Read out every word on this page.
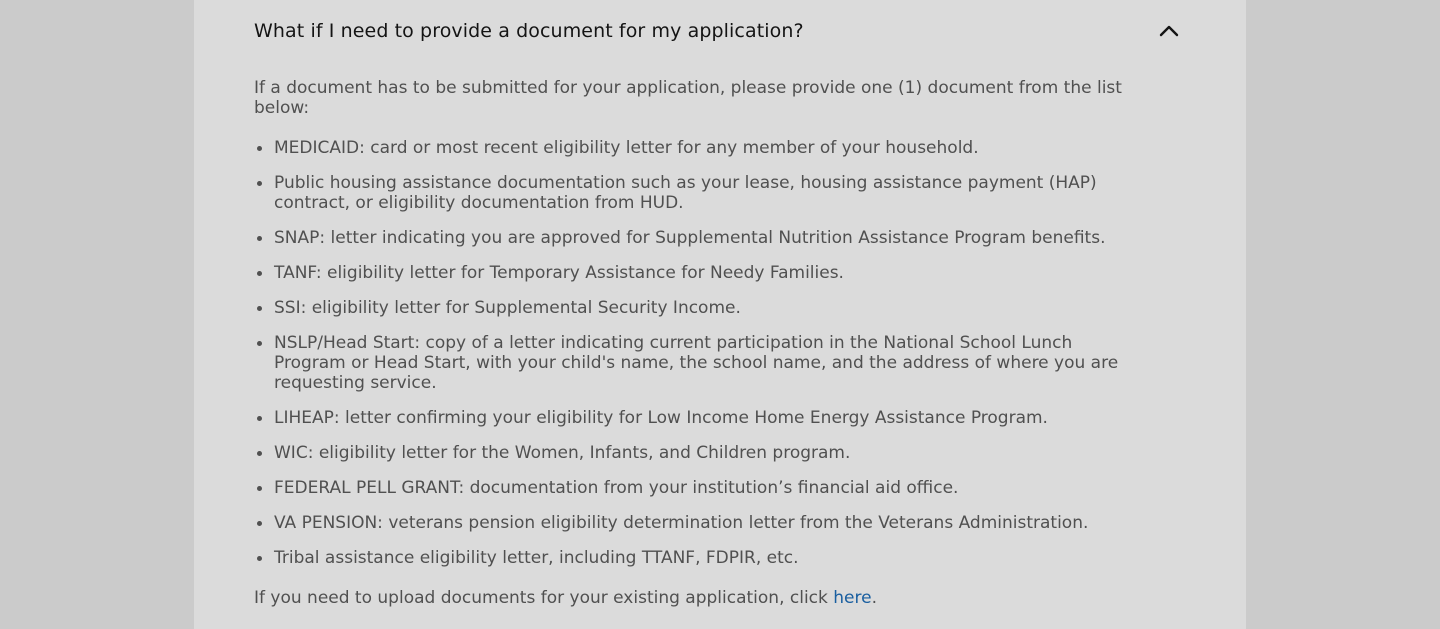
What if I need to provide a document for my application?

If a document has to be submitted for your application, please provide one (1) document from the list below:

MEDICAID: card or most recent eligibility letter for any member of your household.
Public housing assistance documentation such as your lease, housing assistance payment (HAP) contract, or eligibility documentation from HUD.
SNAP: letter indicating you are approved for Supplemental Nutrition Assistance Program benefits.
TANF: eligibility letter for Temporary Assistance for Needy Families.
SSI: eligibility letter for Supplemental Security Income.
NSLP/Head Start: copy of a letter indicating current participation in the National School Lunch Program or Head Start, with your child's name, the school name, and the address of where you are requesting service.
LIHEAP: letter confirming your eligibility for Low Income Home Energy Assistance Program.
WIC: eligibility letter for the Women, Infants, and Children program.
FEDERAL PELL GRANT: documentation from your institution’s financial aid office.
VA PENSION: veterans pension eligibility determination letter from the Veterans Administration.
Tribal assistance eligibility letter, including TTANF, FDPIR, etc.

If you need to upload documents for your existing application, click here.
